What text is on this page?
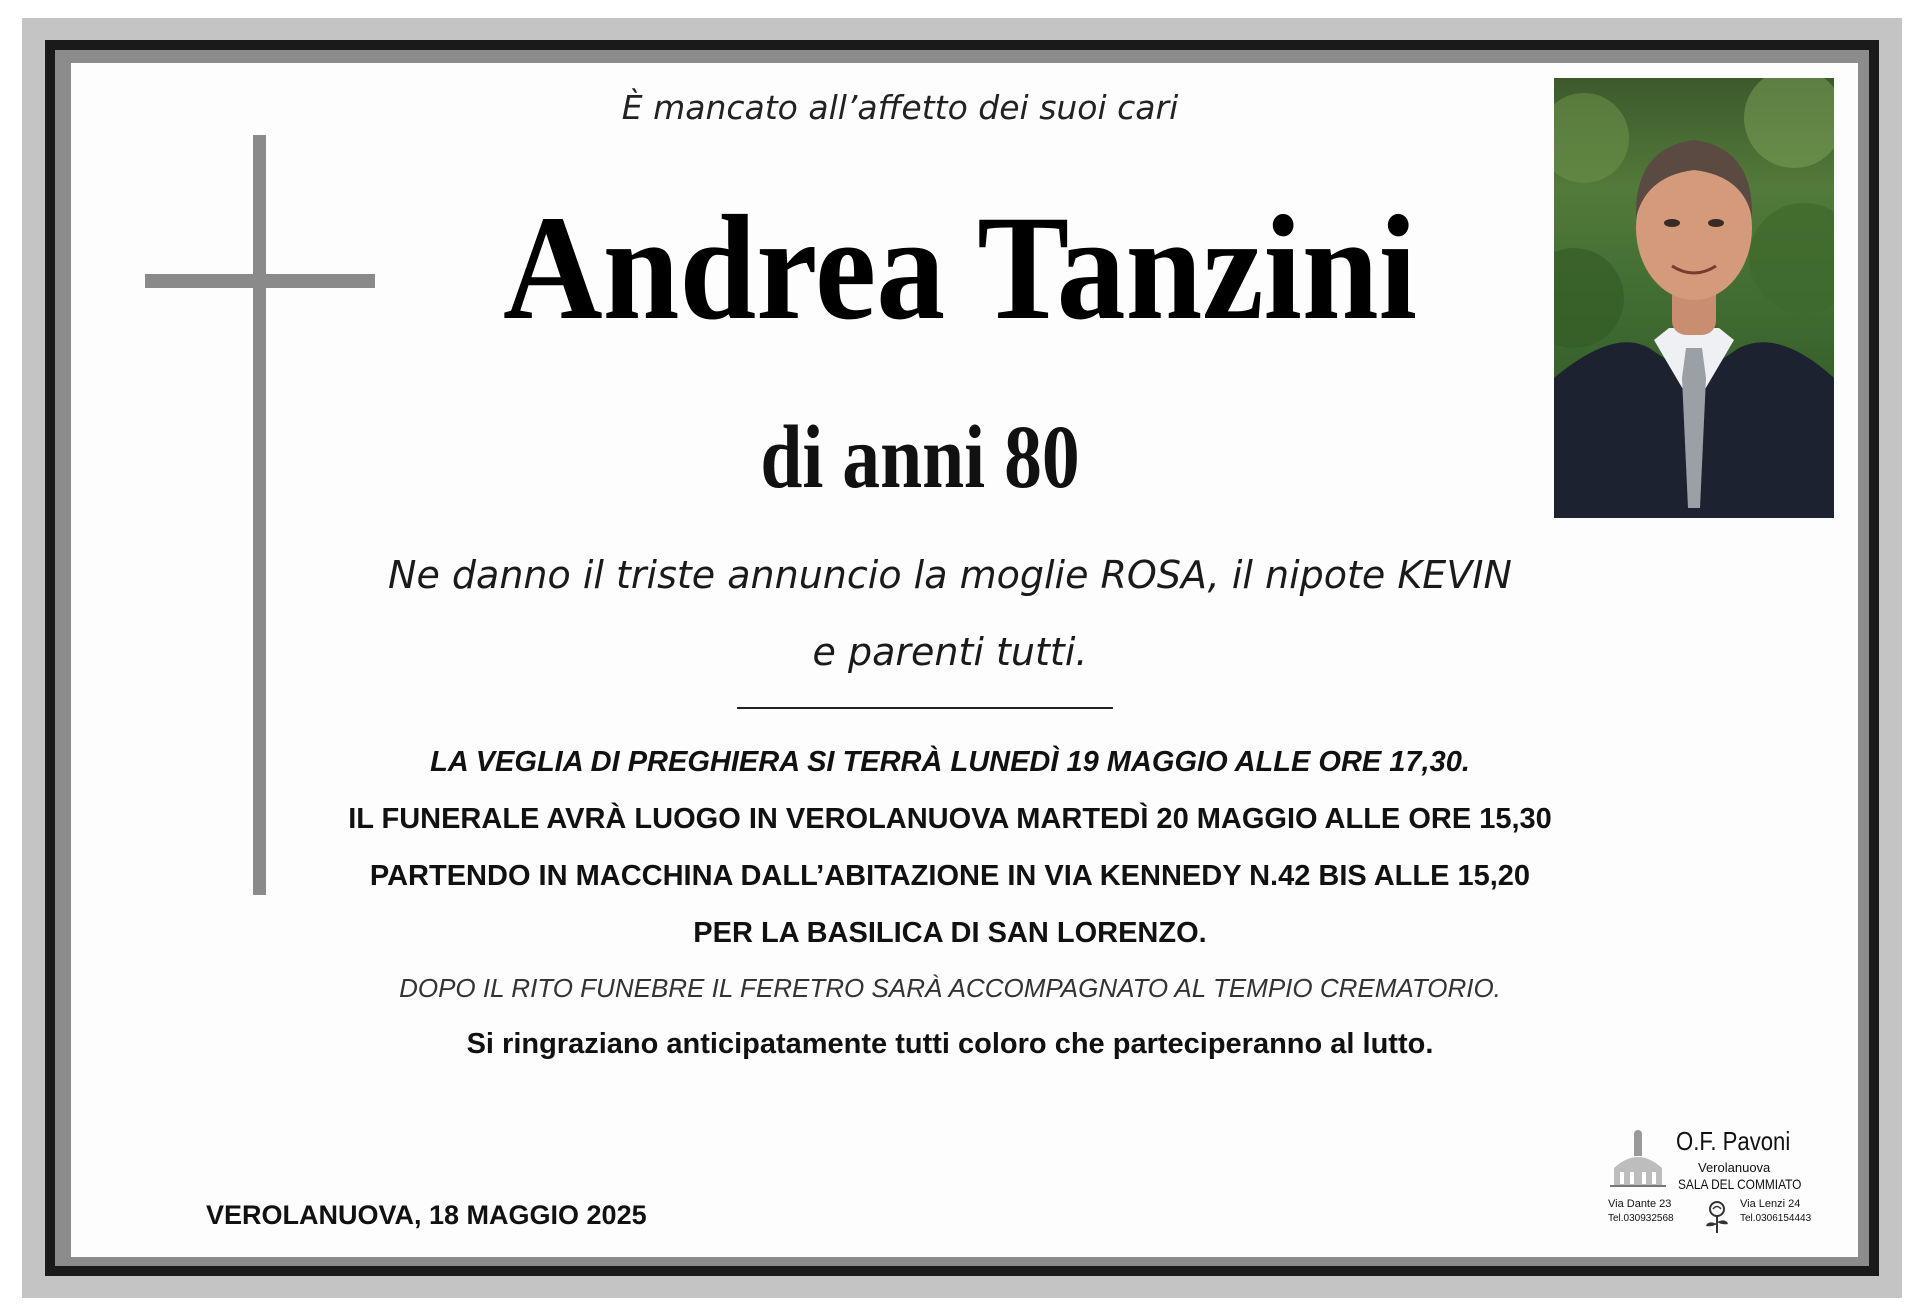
È mancato all’affetto dei suoi cari
Andrea Tanzini
di anni 80
Ne danno il triste annuncio la moglie ROSA, il nipote KEVIN
e parenti tutti.
LA VEGLIA DI PREGHIERA SI TERRÀ LUNEDÌ 19 MAGGIO ALLE ORE 17,30.
IL FUNERALE AVRÀ LUOGO IN VEROLANUOVA MARTEDÌ 20 MAGGIO ALLE ORE 15,30
PARTENDO IN MACCHINA DALL’ABITAZIONE IN VIA KENNEDY N.42 BIS ALLE 15,20
PER LA BASILICA DI SAN LORENZO.
DOPO IL RITO FUNEBRE IL FERETRO SARÀ ACCOMPAGNATO AL TEMPIO CREMATORIO.
Si ringraziano anticipatamente tutti coloro che parteciperanno al lutto.
VEROLANUOVA, 18 MAGGIO 2025
O.F. Pavoni
Verolanuova
SALA DEL COMMIATO
Via Dante 23
Tel.030932568
Via Lenzi 24
Tel.0306154443
